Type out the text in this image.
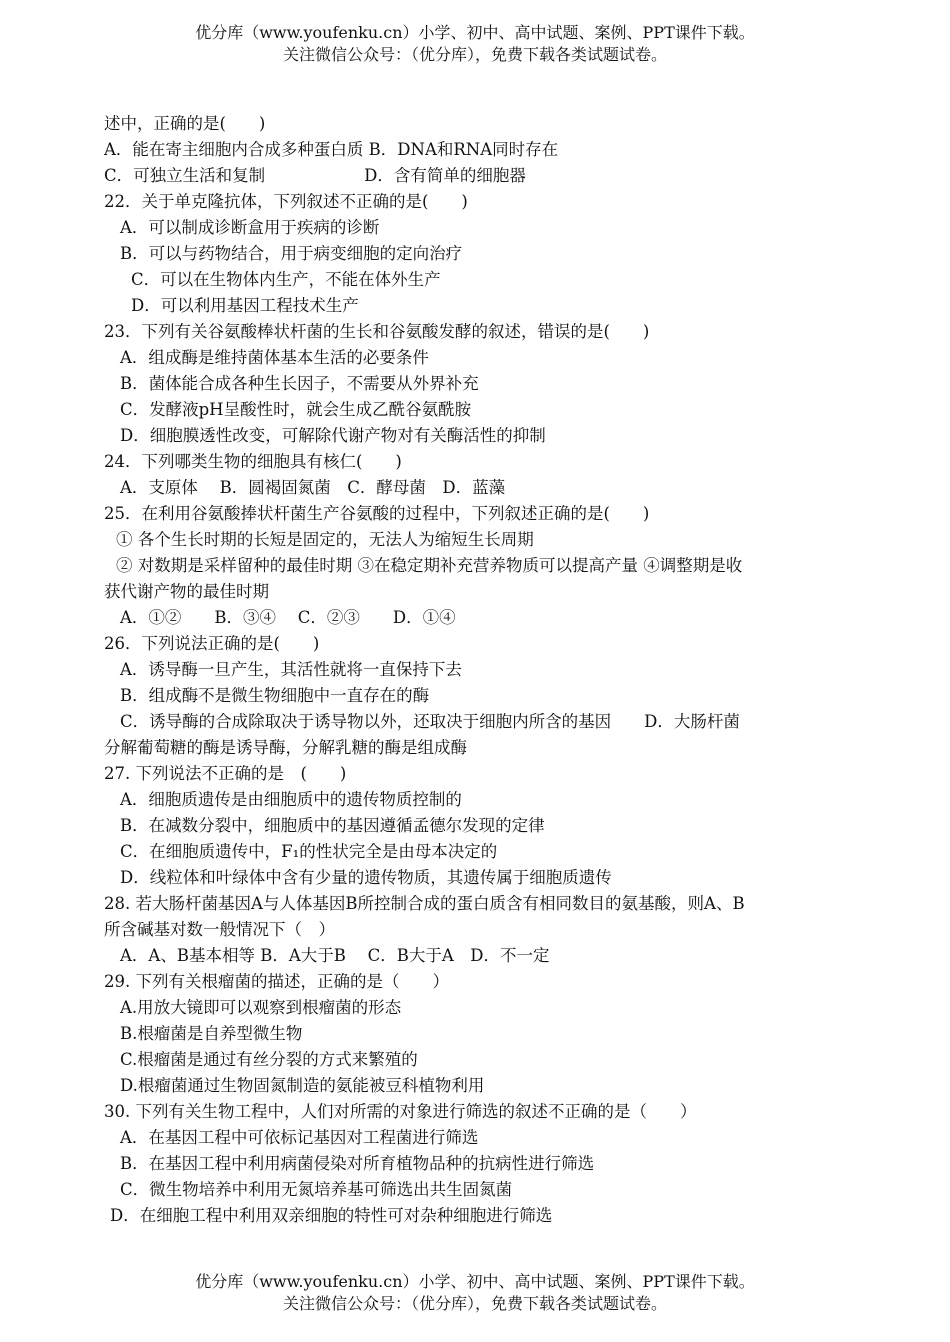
优分库（www.youfenku.cn）小学、初中、高中试题、案例、PPT课件下载。
关注微信公众号：（优分库），免费下载各类试题试卷。
述中，正确的是(　　)
A．能在寄主细胞内合成多种蛋白质 B．DNA和RNA同时存在
C．可独立生活和复制　　　　　　D．含有简单的细胞器
22．关于单克隆抗体，下列叙述不正确的是(　　)
A．可以制成诊断盒用于疾病的诊断
B．可以与药物结合，用于病变细胞的定向治疗
C．可以在生物体内生产，不能在体外生产
D．可以利用基因工程技术生产
23．下列有关谷氨酸棒状杆菌的生长和谷氨酸发酵的叙述，错误的是(　　)
A．组成酶是维持菌体基本生活的必要条件
B．菌体能合成各种生长因子，不需要从外界补充
C．发酵液pH呈酸性时，就会生成乙酰谷氨酰胺
D．细胞膜透性改变，可解除代谢产物对有关酶活性的抑制
24．下列哪类生物的细胞具有核仁(　　)
A．支原体　 B．圆褐固氮菌　C．酵母菌　D．蓝藻
25．在利用谷氨酸捧状杆菌生产谷氨酸的过程中，下列叙述正确的是(　　)
① 各个生长时期的长短是固定的，无法人为缩短生长周期
② 对数期是采样留种的最佳时期 ③在稳定期补充营养物质可以提高产量 ④调整期是收
获代谢产物的最佳时期
A．①②　　B．③④　 C．②③　　D．①④
26．下列说法正确的是(　　)
A．诱导酶一旦产生，其活性就将一直保持下去
B．组成酶不是微生物细胞中一直存在的酶
C．诱导酶的合成除取决于诱导物以外，还取决于细胞内所含的基因　　D．大肠杆菌
分解葡萄糖的酶是诱导酶，分解乳糖的酶是组成酶
27. 下列说法不正确的是　(　　)
A．细胞质遗传是由细胞质中的遗传物质控制的
B．在减数分裂中，细胞质中的基因遵循孟德尔发现的定律
C．在细胞质遗传中，F₁的性状完全是由母本决定的
D．线粒体和叶绿体中含有少量的遗传物质，其遗传属于细胞质遗传
28. 若大肠杆菌基因A与人体基因B所控制合成的蛋白质含有相同数目的氨基酸，则A、B
所含碱基对数一般情况下（　）
A．A、B基本相等 B．A大于B　 C．B大于A　D．不一定
29. 下列有关根瘤菌的描述，正确的是（　　）
A.用放大镜即可以观察到根瘤菌的形态
B.根瘤菌是自养型微生物
C.根瘤菌是通过有丝分裂的方式来繁殖的
D.根瘤菌通过生物固氮制造的氨能被豆科植物利用
30. 下列有关生物工程中，人们对所需的对象进行筛选的叙述不正确的是（　　）
A．在基因工程中可依标记基因对工程菌进行筛选
B．在基因工程中利用病菌侵染对所育植物品种的抗病性进行筛选
C．微生物培养中利用无氮培养基可筛选出共生固氮菌
D．在细胞工程中利用双亲细胞的特性可对杂种细胞进行筛选
优分库（www.youfenku.cn）小学、初中、高中试题、案例、PPT课件下载。
关注微信公众号：（优分库），免费下载各类试题试卷。
